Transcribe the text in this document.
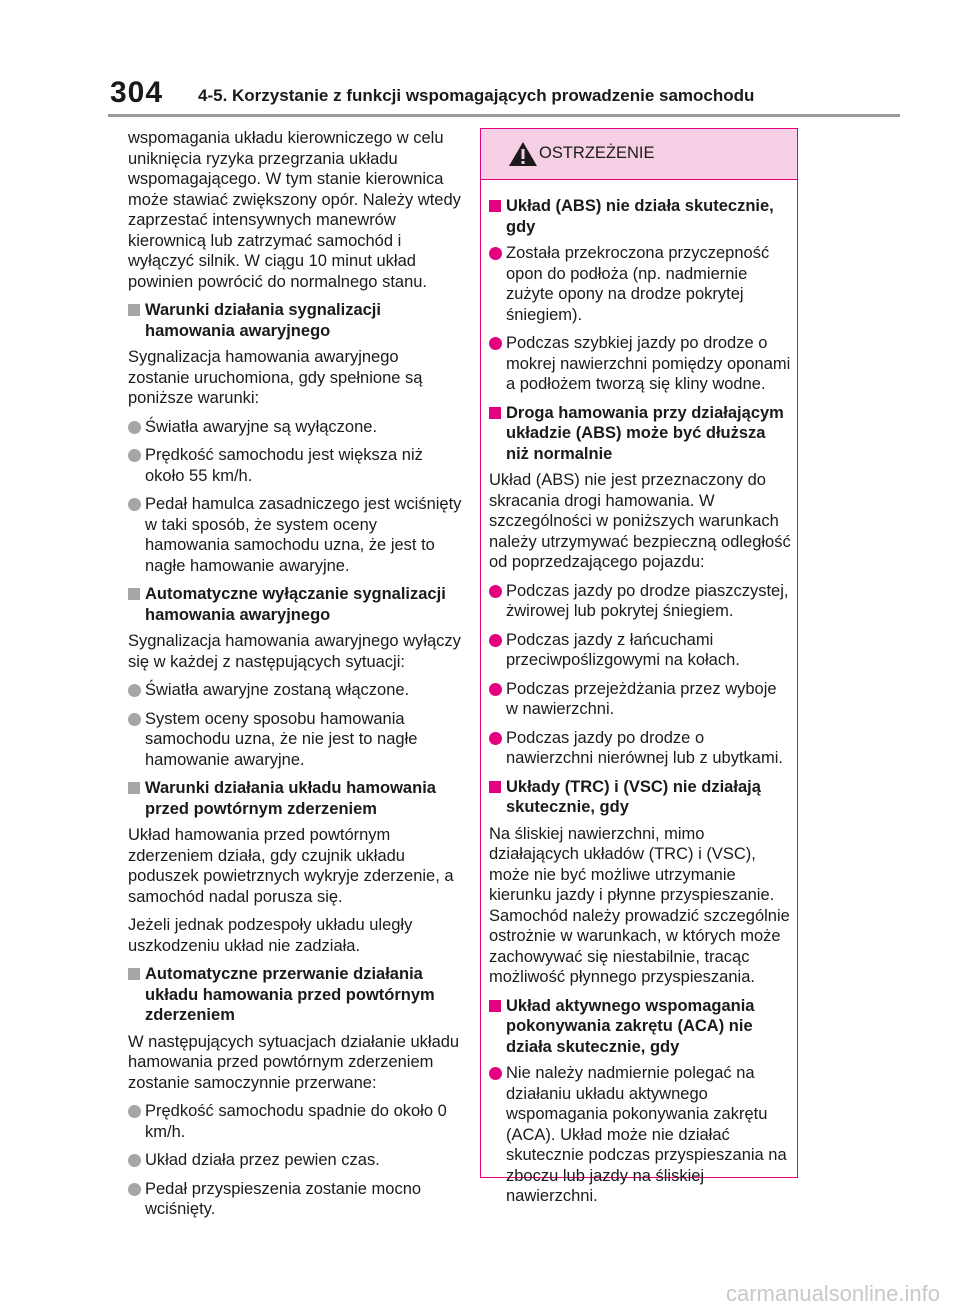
304 4-5. Korzystanie z funkcji wspomagających prowadzenie samochodu

wspomagania układu kierowniczego w celu uniknięcia ryzyka przegrzania układu wspomagającego. W tym stanie kierownica może stawiać zwiększony opór. Należy wtedy zaprzestać intensywnych manewrów kierownicą lub zatrzymać samochód i wyłączyć silnik. W ciągu 10 minut układ powinien powrócić do normalnego stanu.

Warunki działania sygnalizacji hamowania awaryjnego

Sygnalizacja hamowania awaryjnego zostanie uruchomiona, gdy spełnione są poniższe warunki:

Światła awaryjne są wyłączone.
Prędkość samochodu jest większa niż około 55 km/h.
Pedał hamulca zasadniczego jest wciśnięty w taki sposób, że system oceny hamowania samochodu uzna, że jest to nagłe hamowanie awaryjne.
Automatyczne wyłączanie sygnalizacji hamowania awaryjnego

Sygnalizacja hamowania awaryjnego wyłączy się w każdej z następujących sytuacji:

Światła awaryjne zostaną włączone.
System oceny sposobu hamowania samochodu uzna, że nie jest to nagłe hamowanie awaryjne.
Warunki działania układu hamowania przed powtórnym zderzeniem

Układ hamowania przed powtórnym zderzeniem działa, gdy czujnik układu poduszek powietrznych wykryje zderzenie, a samochód nadal porusza się.

Jeżeli jednak podzespoły układu uległy uszkodzeniu układ nie zadziała.

Automatyczne przerwanie działania układu hamowania przed powtórnym zderzeniem

W następujących sytuacjach działanie układu hamowania przed powtórnym zderzeniem zostanie samoczynnie przerwane:

Prędkość samochodu spadnie do około 0 km/h.
Układ działa przez pewien czas.
Pedał przyspieszenia zostanie mocno wciśnięty.
OSTRZEŻENIE
Układ (ABS) nie działa skutecznie, gdy
Została przekroczona przyczepność opon do podłoża (np. nadmiernie zużyte opony na drodze pokrytej śniegiem).
Podczas szybkiej jazdy po drodze o mokrej nawierzchni pomiędzy oponami a podłożem tworzą się kliny wodne.
Droga hamowania przy działającym układzie (ABS) może być dłuższa niż normalnie

Układ (ABS) nie jest przeznaczony do skracania drogi hamowania. W szczególności w poniższych warunkach należy utrzymywać bezpieczną odległość od poprzedzającego pojazdu:

Podczas jazdy po drodze piaszczystej, żwirowej lub pokrytej śniegiem.
Podczas jazdy z łańcuchami przeciwpoślizgowymi na kołach.
Podczas przejeżdżania przez wyboje w nawierzchni.
Podczas jazdy po drodze o nawierzchni nierównej lub z ubytkami.
Układy (TRC) i (VSC) nie działają skutecznie, gdy

Na śliskiej nawierzchni, mimo działających układów (TRC) i (VSC), może nie być możliwe utrzymanie kierunku jazdy i płynne przyspieszanie. Samochód należy prowadzić szczególnie ostrożnie w warunkach, w których może zachowywać się niestabilnie, tracąc możliwość płynnego przyspieszania.

Układ aktywnego wspomagania pokonywania zakrętu (ACA) nie działa skutecznie, gdy
Nie należy nadmiernie polegać na działaniu układu aktywnego wspomagania pokonywania zakrętu (ACA). Układ może nie działać skutecznie podczas przyspieszania na zboczu lub jazdy na śliskiej nawierzchni.
carmanualsonline.info
